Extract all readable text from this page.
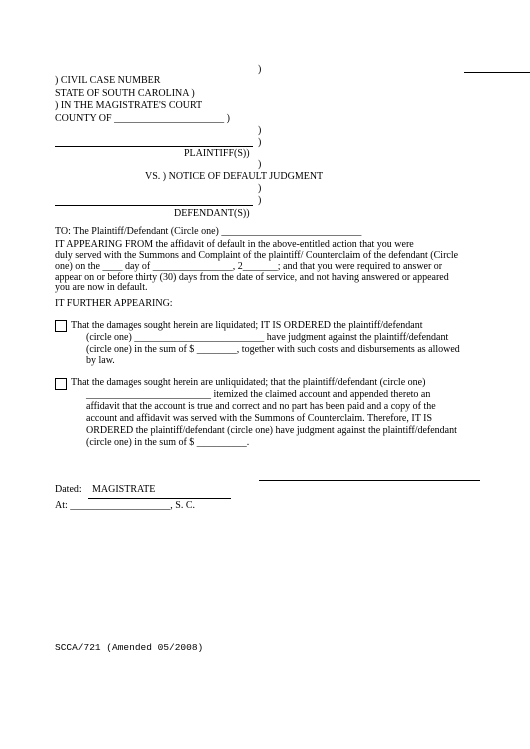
)
) CIVIL CASE NUMBER
STATE OF SOUTH CAROLINA )
) IN THE MAGISTRATE'S COURT
COUNTY OF ______________________ )
)
)
PLAINTIFF(S))
)
VS. ) NOTICE OF DEFAULT JUDGMENT
)
)
DEFENDANT(S))
TO: The Plaintiff/Defendant (Circle one) ____________________________
IT APPEARING FROM the affidavit of default in the above-entitled action that you were
duly served with the Summons and Complaint of the plaintiff/ Counterclaim of the defendant (Circle
one) on the ____ day of ________________, 2_______; and that you were required to answer or
appear on or before thirty (30) days from the date of service, and not having answered or appeared
you are now in default.
IT FURTHER APPEARING:
That the damages sought herein are liquidated; IT IS ORDERED the plaintiff/defendant
(circle one) __________________________ have judgment against the plaintiff/defendant
(circle one) in the sum of $ ________, together with such costs and disbursements as allowed
by law.
That the damages sought herein are unliquidated; that the plaintiff/defendant (circle one)
_________________________ itemized the claimed account and appended thereto an
affidavit that the account is true and correct and no part has been paid and a copy of the
account and affidavit was served with the Summons of Counterclaim. Therefore, IT IS
ORDERED the plaintiff/defendant (circle one) have judgment against the plaintiff/defendant
(circle one) in the sum of $ __________.
Dated: MAGISTRATE
At: ____________________, S. C.
SCCA/721 (Amended 05/2008)
